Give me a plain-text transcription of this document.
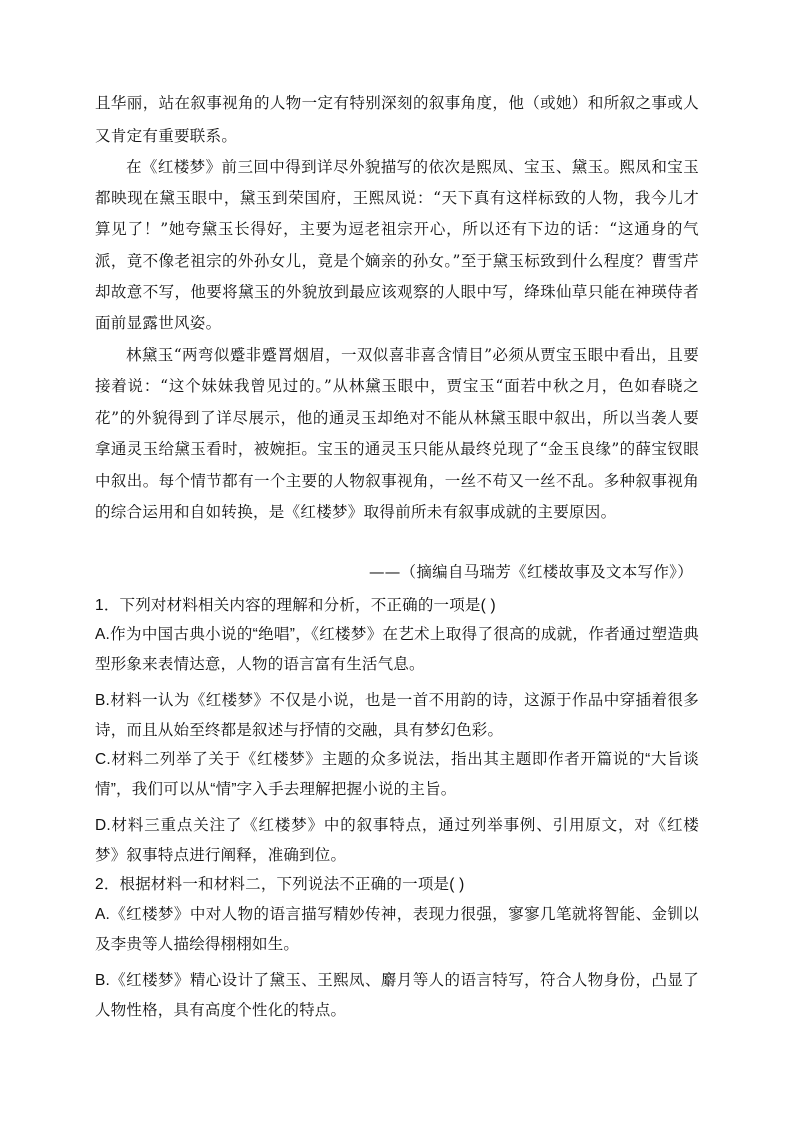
且华丽，站在叙事视角的人物一定有特别深刻的叙事角度，他（或她）和所叙之事或人又肯定有重要联系。
在《红楼梦》前三回中得到详尽外貌描写的依次是熙凤、宝玉、黛玉。熙凤和宝玉都映现在黛玉眼中，黛玉到荣国府，王熙凤说：“天下真有这样标致的人物，我今儿才算见了！”她夸黛玉长得好，主要为逗老祖宗开心，所以还有下边的话：“这通身的气派，竟不像老祖宗的外孙女儿，竟是个嫡亲的孙女。”至于黛玉标致到什么程度？曹雪芹却故意不写，他要将黛玉的外貌放到最应该观察的人眼中写，绛珠仙草只能在神瑛侍者面前显露世风姿。
林黛玉“两弯似蹙非蹙罥烟眉，一双似喜非喜含情目”必须从贾宝玉眼中看出，且要接着说：“这个妹妹我曾见过的。”从林黛玉眼中，贾宝玉“面若中秋之月，色如春晓之花”的外貌得到了详尽展示，他的通灵玉却绝对不能从林黛玉眼中叙出，所以当袭人要拿通灵玉给黛玉看时，被婉拒。宝玉的通灵玉只能从最终兑现了“金玉良缘”的薛宝钗眼中叙出。每个情节都有一个主要的人物叙事视角，一丝不苟又一丝不乱。多种叙事视角的综合运用和自如转换，是《红楼梦》取得前所未有叙事成就的主要原因。
——（摘编自马瑞芳《红楼故事及文本写作》）
1．下列对材料相关内容的理解和分析，不正确的一项是( )
A.作为中国古典小说的“绝唱”，《红楼梦》在艺术上取得了很高的成就，作者通过塑造典型形象来表情达意，人物的语言富有生活气息。
B.材料一认为《红楼梦》不仅是小说，也是一首不用韵的诗，这源于作品中穿插着很多诗，而且从始至终都是叙述与抒情的交融，具有梦幻色彩。
C.材料二列举了关于《红楼梦》主题的众多说法，指出其主题即作者开篇说的“大旨谈情”，我们可以从“情”字入手去理解把握小说的主旨。
D.材料三重点关注了《红楼梦》中的叙事特点，通过列举事例、引用原文，对《红楼梦》叙事特点进行阐释，准确到位。
2．根据材料一和材料二，下列说法不正确的一项是( )
A.《红楼梦》中对人物的语言描写精妙传神，表现力很强，寥寥几笔就将智能、金钏以及李贵等人描绘得栩栩如生。
B.《红楼梦》精心设计了黛玉、王熙凤、麝月等人的语言特写，符合人物身份，凸显了人物性格，具有高度个性化的特点。
